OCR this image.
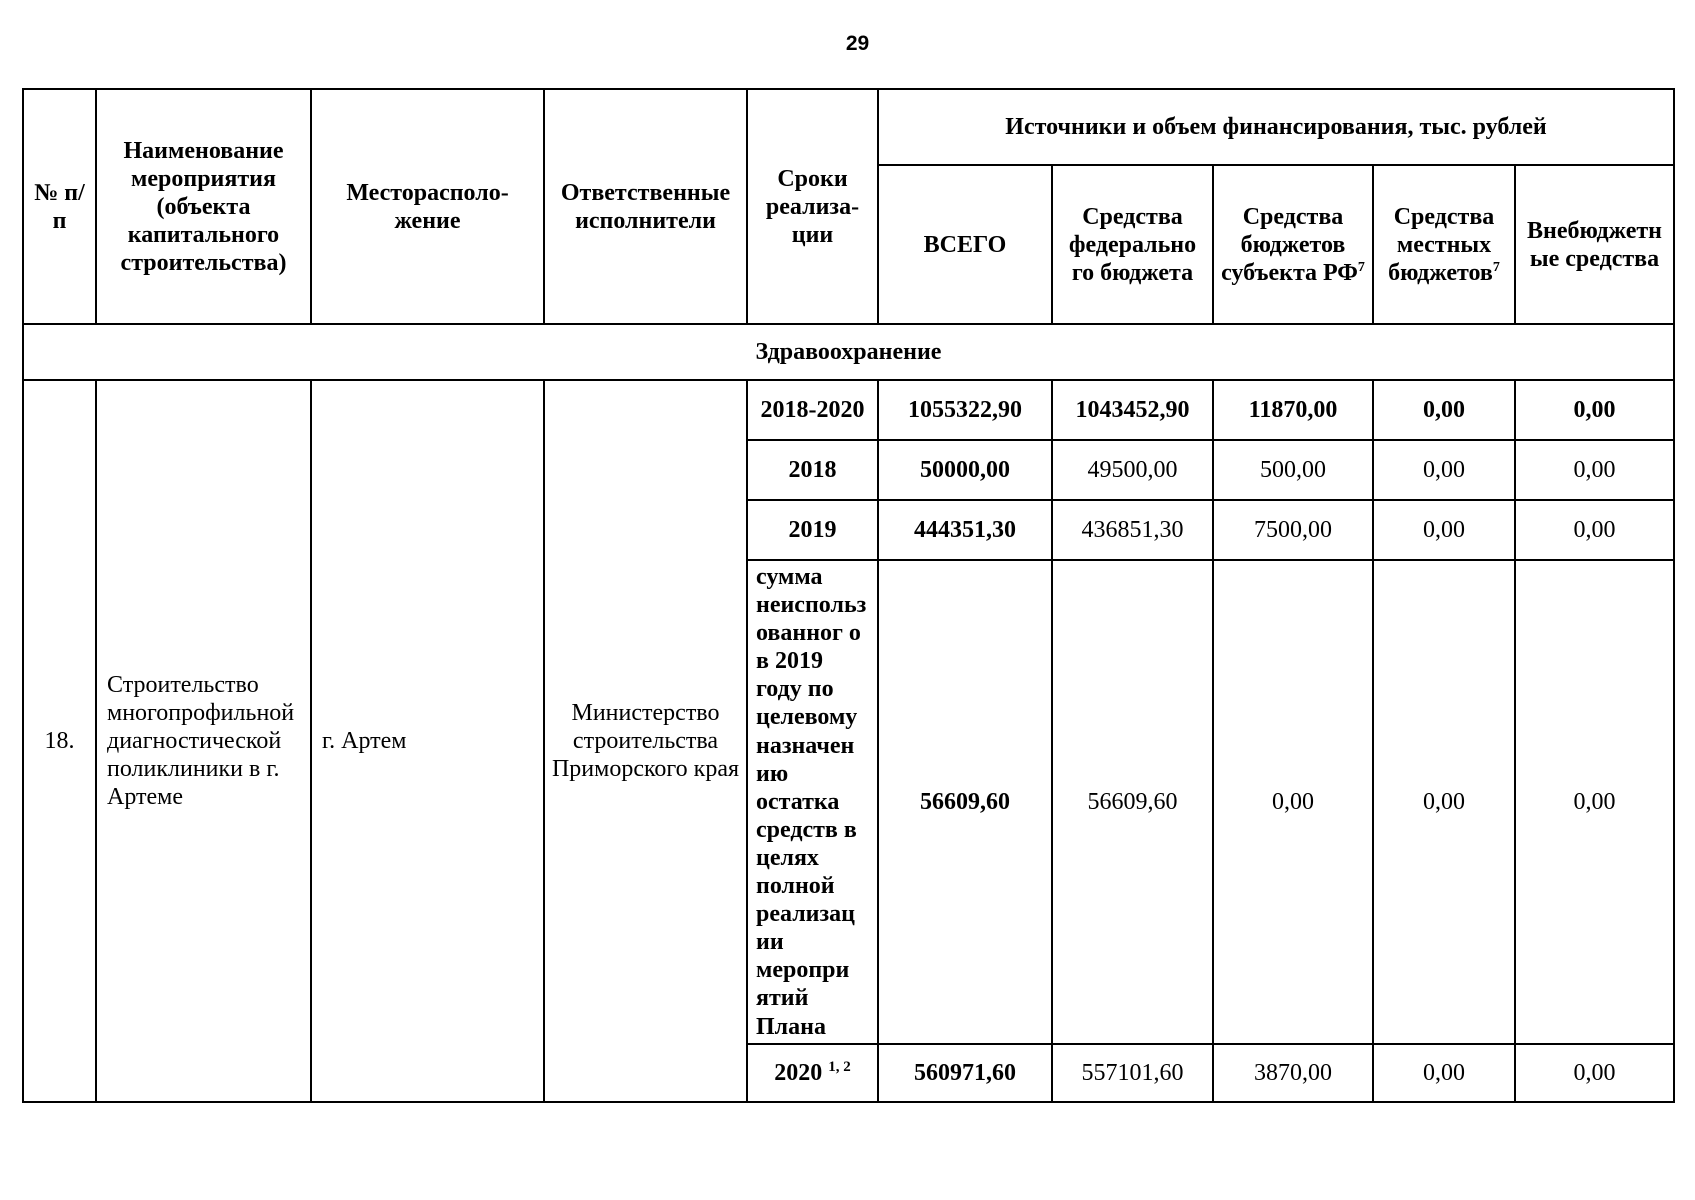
29
№ п/п	Наименование мероприятия (объекта капитального строительства)	Месторасполо-жение	Ответственные исполнители	Сроки реализа-ции	Источники и объем финансирования, тыс. рублей				
					ВСЕГО	Средства федерально го бюджета	Средства бюджетов субъекта $РФ^7$	Средства местных бюджетов$^7$	Внебюджетн ые средства
Здравоохранение									
18.	Строительство многопрофильной диагностической поликлиники в г. Артеме	г. Артем	Министерство строительства Приморского края	2018-2020	1055322,90	1043452,90	11870,00	0,00	0,00
				2018	50000,00	49500,00	500,00	0,00	0,00
				2019	444351,30	436851,30	7500,00	0,00	0,00
				сумма неиспольз ованног о в 2019 году по целевому назначен ию остатка средств в целях полной реализац ии меропри ятий Плана	56609,60	56609,60	0,00	0,00	0,00
				2020 $^{1, 2}$	560971,60	557101,60	3870,00	0,00	0,00
